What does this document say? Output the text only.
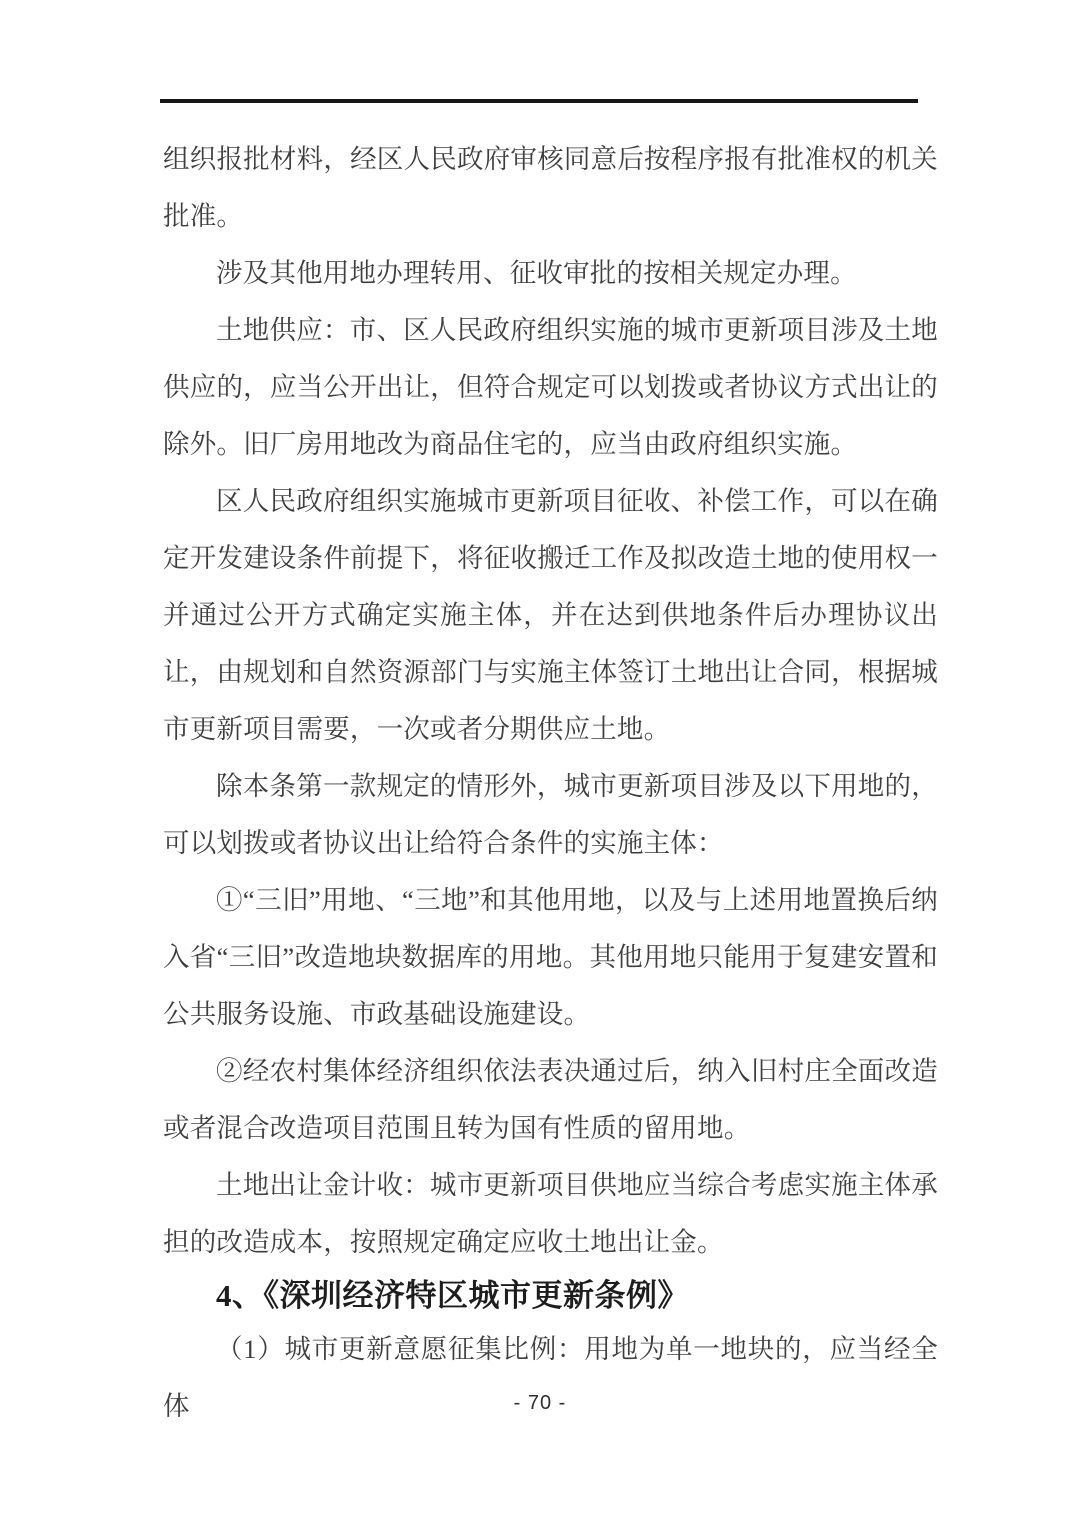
组织报批材料，经区人民政府审核同意后按程序报有批准权的机关批准。

涉及其他用地办理转用、征收审批的按相关规定办理。

土地供应：市、区人民政府组织实施的城市更新项目涉及土地供应的，应当公开出让，但符合规定可以划拨或者协议方式出让的除外。旧厂房用地改为商品住宅的，应当由政府组织实施。

区人民政府组织实施城市更新项目征收、补偿工作，可以在确定开发建设条件前提下，将征收搬迁工作及拟改造土地的使用权一并通过公开方式确定实施主体，并在达到供地条件后办理协议出让，由规划和自然资源部门与实施主体签订土地出让合同，根据城市更新项目需要，一次或者分期供应土地。

除本条第一款规定的情形外，城市更新项目涉及以下用地的，可以划拨或者协议出让给符合条件的实施主体：

①“三旧”用地、“三地”和其他用地，以及与上述用地置换后纳入省“三旧”改造地块数据库的用地。其他用地只能用于复建安置和公共服务设施、市政基础设施建设。

②经农村集体经济组织依法表决通过后，纳入旧村庄全面改造或者混合改造项目范围且转为国有性质的留用地。

土地出让金计收：城市更新项目供地应当综合考虑实施主体承担的改造成本，按照规定确定应收土地出让金。

4、《深圳经济特区城市更新条例》

（1）城市更新意愿征集比例：用地为单一地块的，应当经全体	- 70 -
